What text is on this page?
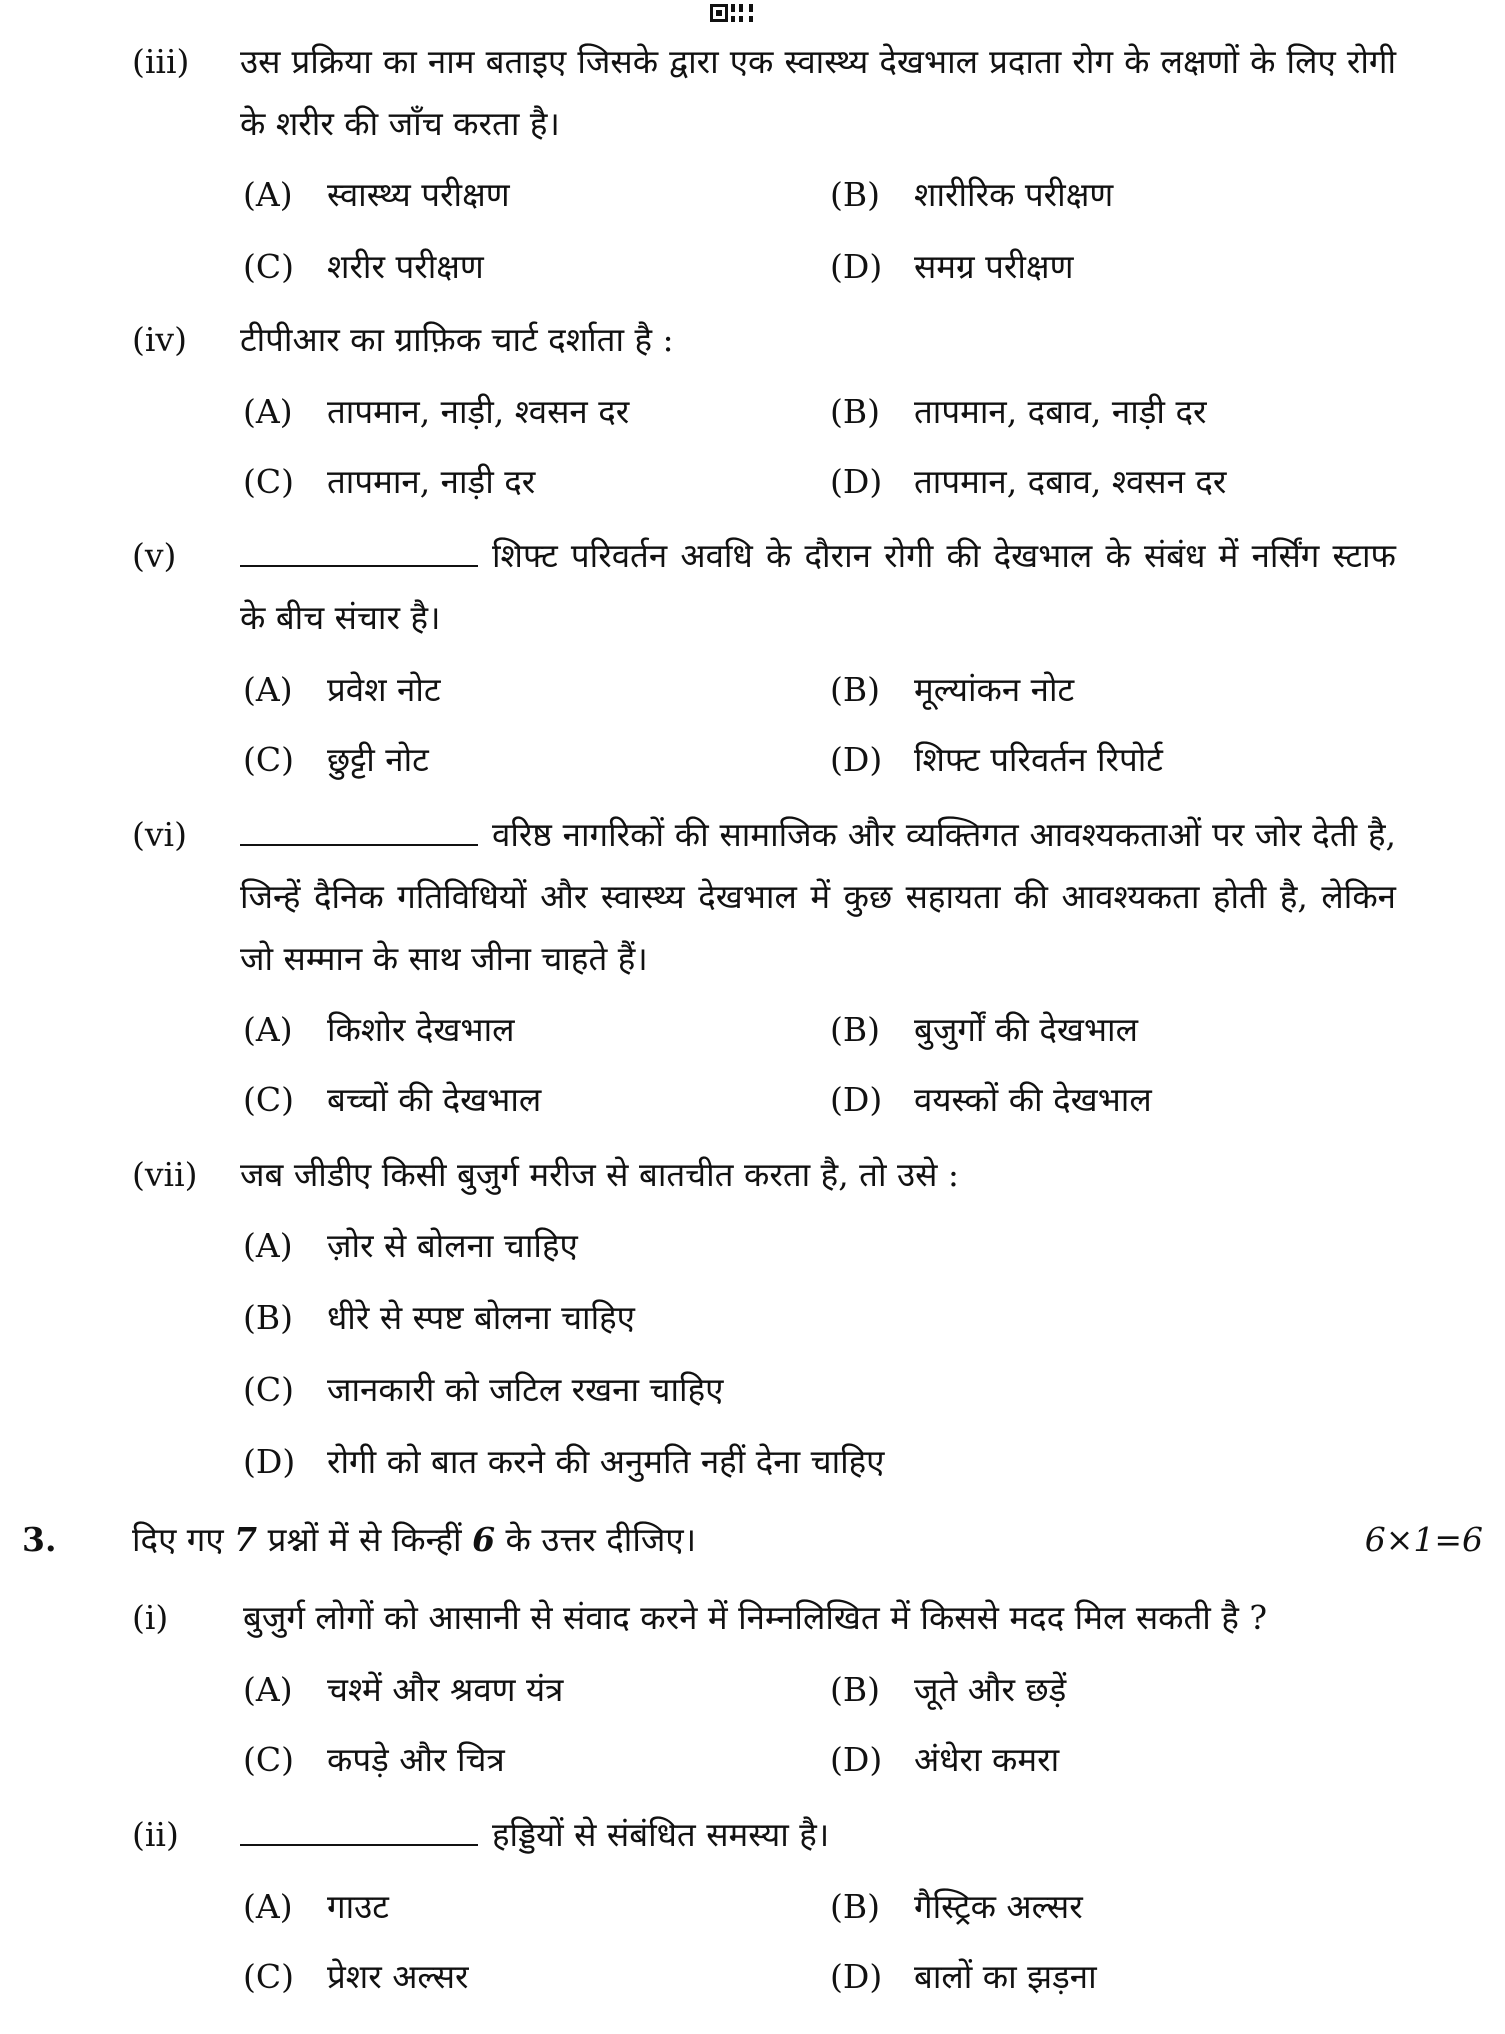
(iii) उस प्रक्रिया का नाम बताइए जिसके द्वारा एक स्वास्थ्य देखभाल प्रदाता रोग के लक्षणों के लिए रोगी के शरीर की जाँच करता है।
(A) स्वास्थ्य परीक्षण	(B) शारीरिक परीक्षण
(C) शरीर परीक्षण	(D) समग्र परीक्षण
(iv) टीपीआर का ग्राफ़िक चार्ट दर्शाता है :
(A) तापमान, नाड़ी, श्वसन दर	(B) तापमान, दबाव, नाड़ी दर
(C) तापमान, नाड़ी दर	(D) तापमान, दबाव, श्वसन दर
(v)	शिफ्ट परिवर्तन अवधि के दौरान रोगी की देखभाल के संबंध में नर्सिंग स्टाफ के बीच संचार है।
(A) प्रवेश नोट	(B) मूल्यांकन नोट
(C) छुट्टी नोट	(D) शिफ्ट परिवर्तन रिपोर्ट
(vi)	वरिष्ठ नागरिकों की सामाजिक और व्यक्तिगत आवश्यकताओं पर जोर देती है, जिन्हें दैनिक गतिविधियों और स्वास्थ्य देखभाल में कुछ सहायता की आवश्यकता होती है, लेकिन जो सम्मान के साथ जीना चाहते हैं।
(A) किशोर देखभाल	(B) बुजुर्गों की देखभाल
(C) बच्चों की देखभाल	(D) वयस्कों की देखभाल
(vii) जब जीडीए किसी बुजुर्ग मरीज से बातचीत करता है, तो उसे :
(A) ज़ोर से बोलना चाहिए
(B) धीरे से स्पष्ट बोलना चाहिए
(C) जानकारी को जटिल रखना चाहिए
(D) रोगी को बात करने की अनुमति नहीं देना चाहिए
3. दिए गए 7 प्रश्नों में से किन्हीं 6 के उत्तर दीजिए।	6×1=6
(i) बुजुर्ग लोगों को आसानी से संवाद करने में निम्नलिखित में किससे मदद मिल सकती है ?
(A) चश्में और श्रवण यंत्र	(B) जूते और छड़ें
(C) कपड़े और चित्र	(D) अंधेरा कमरा
(ii)	हड्डियों से संबंधित समस्या है।
(A) गाउट	(B) गैस्ट्रिक अल्सर
(C) प्रेशर अल्सर	(D) बालों का झड़ना
